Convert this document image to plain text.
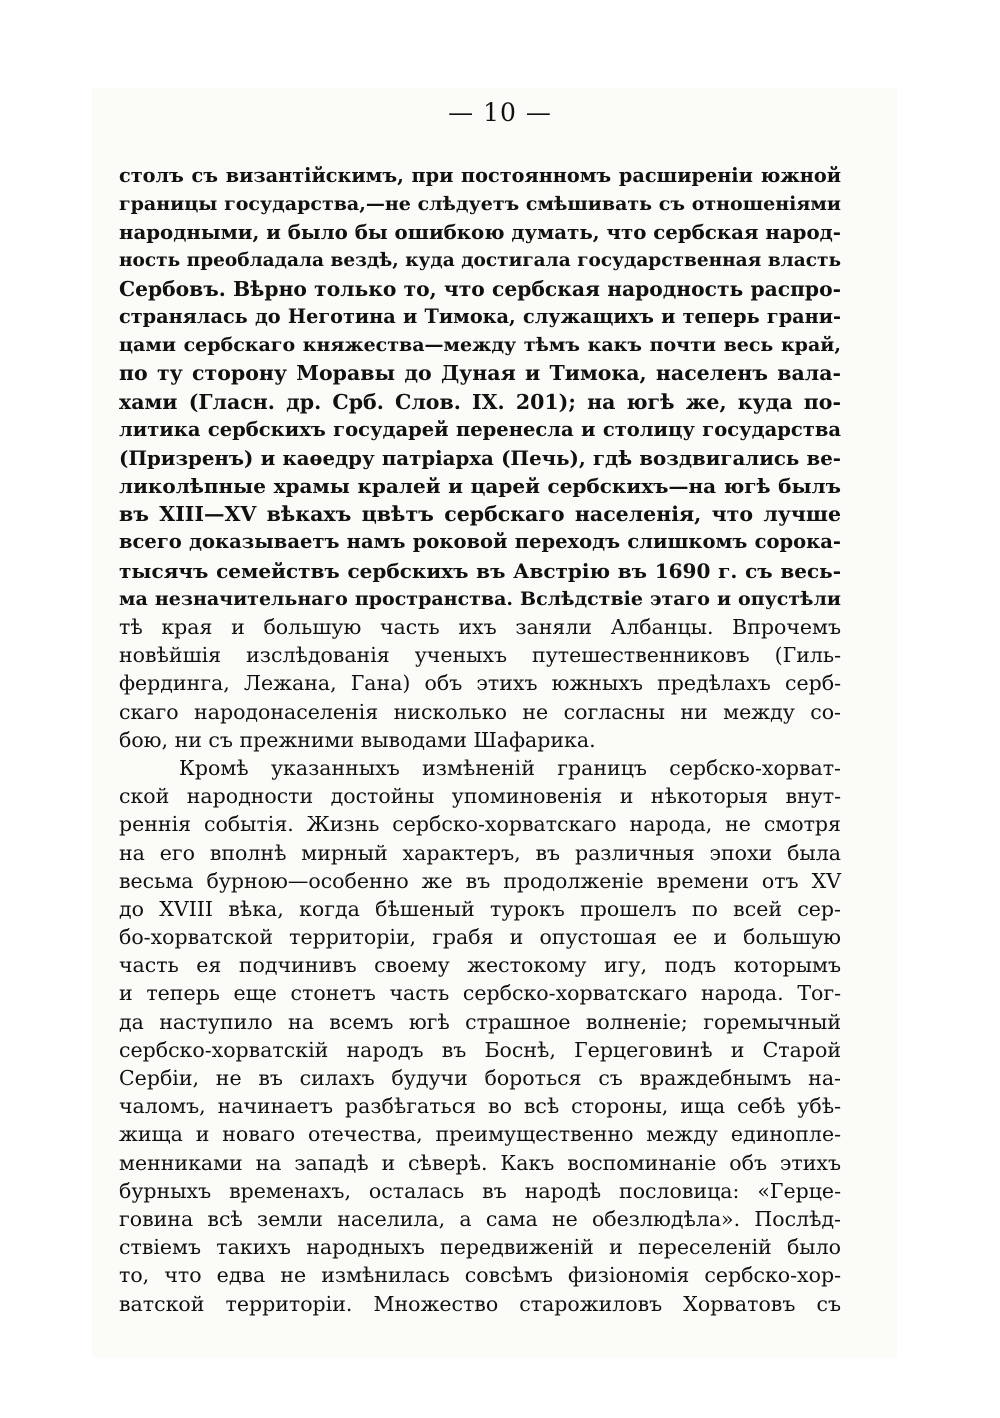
— 10 —
столъ съ византійскимъ, при постоянномъ расширеніи южной
границы государства,—не слѣдуетъ смѣшивать съ отношеніями
народными, и было бы ошибкою думать, что сербская народ-
ность преобладала вездѣ, куда достигала государственная власть
Сербовъ. Вѣрно только то, что сербская народность распро-
странялась до Неготина и Тимока, служащихъ и теперь грани-
цами сербскаго княжества—между тѣмъ какъ почти весь край,
по ту сторону Моравы до Дуная и Тимока, населенъ вала-
хами (Гласн. др. Срб. Слов. IX. 201); на югѣ же, куда по-
литика сербскихъ государей перенесла и столицу государства
(Призренъ) и каѳедру патріарха (Печь), гдѣ воздвигались ве-
ликолѣпные храмы кралей и царей сербскихъ—на югѣ былъ
въ XIII—XV вѣкахъ цвѣтъ сербскаго населенія, что лучше
всего доказываетъ намъ роковой переходъ слишкомъ сорока-
тысячъ семействъ сербскихъ въ Австрію въ 1690 г. съ весь-
ма незначительнаго пространства. Вслѣдствіе этаго и опустѣли
тѣ края и большую часть ихъ заняли Албанцы. Впрочемъ
новѣйшія изслѣдованія ученыхъ путешественниковъ (Гиль-
фердинга, Лежана, Гана) объ этихъ южныхъ предѣлахъ серб-
скаго народонаселенія нисколько не согласны ни между со-
бою, ни съ прежними выводами Шафарика.
Кромѣ указанныхъ измѣненій границъ сербско-хорват-
ской народности достойны упоминовенія и нѣкоторыя внут-
реннія событія. Жизнь сербско-хорватскаго народа, не смотря
на его вполнѣ мирный характеръ, въ различныя эпохи была
весьма бурною—особенно же въ продолженіе времени отъ XV
до XVIII вѣка, когда бѣшеный турокъ прошелъ по всей сер-
бо-хорватской территоріи, грабя и опустошая ее и большую
часть ея подчинивъ своему жестокому игу, подъ которымъ
и теперь еще стонетъ часть сербско-хорватскаго народа. Тог-
да наступило на всемъ югѣ страшное волненіе; горемычный
сербско-хорватскій народъ въ Боснѣ, Герцеговинѣ и Старой
Сербіи, не въ силахъ будучи бороться съ враждебнымъ на-
чаломъ, начинаетъ разбѣгаться во всѣ стороны, ища себѣ убѣ-
жища и новаго отечества, преимущественно между единопле-
менниками на западѣ и сѣверѣ. Какъ воспоминаніе объ этихъ
бурныхъ временахъ, осталась въ народѣ пословица: «Герце-
говина всѣ земли населила, а сама не обезлюдѣла». Послѣд-
ствіемъ такихъ народныхъ передвиженій и переселеній было
то, что едва не измѣнилась совсѣмъ физіономія сербско-хор-
ватской территоріи. Множество старожиловъ Хорватовъ съ
